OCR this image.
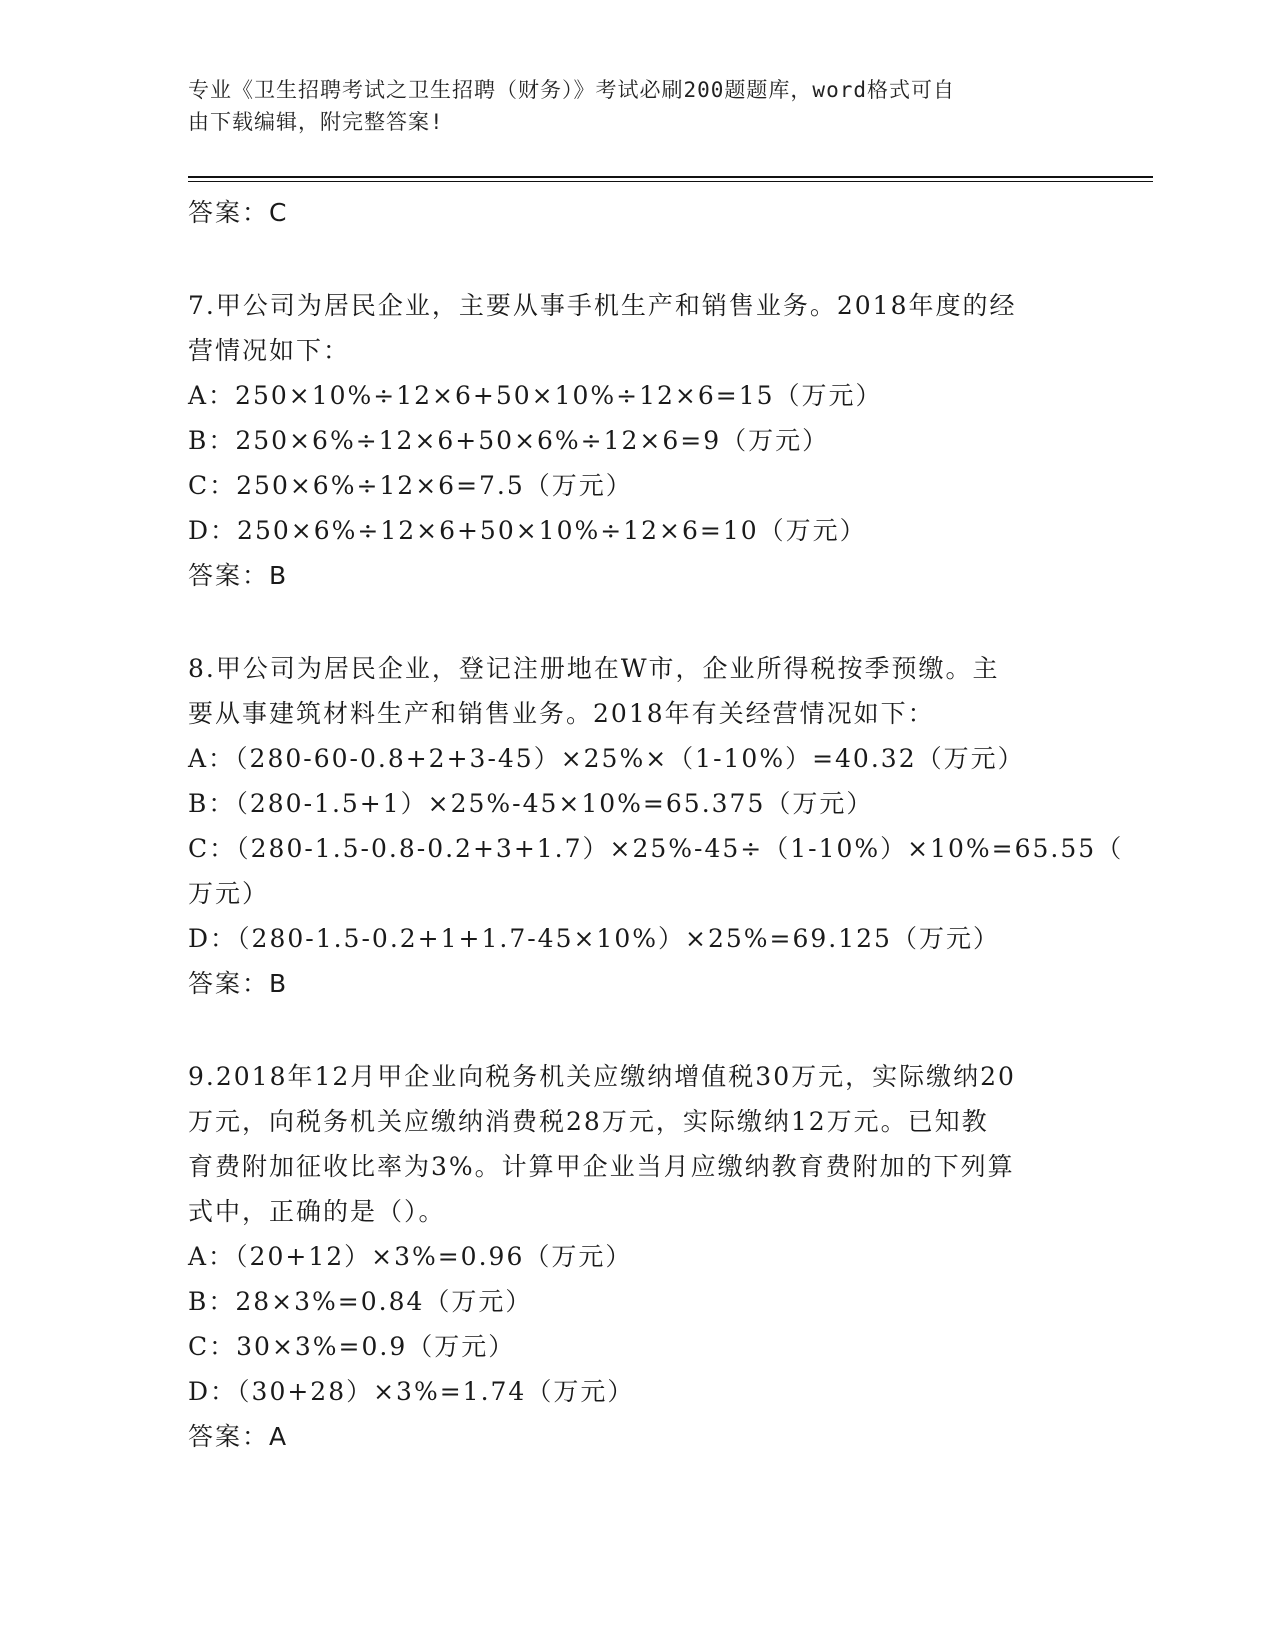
专业《卫生招聘考试之卫生招聘（财务）》考试必刷200题题库，word格式可自
由下载编辑，附完整答案!
答案：C
7.甲公司为居民企业，主要从事手机生产和销售业务。2018年度的经
营情况如下：
A：250×10%÷12×6+50×10%÷12×6=15（万元）
B：250×6%÷12×6+50×6%÷12×6=9（万元）
C：250×6%÷12×6=7.5（万元）
D：250×6%÷12×6+50×10%÷12×6=10（万元）
答案：B
8.甲公司为居民企业，登记注册地在W市，企业所得税按季预缴。主
要从事建筑材料生产和销售业务。2018年有关经营情况如下：
A：（280-60-0.8+2+3-45）×25%×（1-10%）=40.32（万元）
B：（280-1.5+1）×25%-45×10%=65.375（万元）
C：（280-1.5-0.8-0.2+3+1.7）×25%-45÷（1-10%）×10%=65.55（
万元）
D：（280-1.5-0.2+1+1.7-45×10%）×25%=69.125（万元）
答案：B
9.2018年12月甲企业向税务机关应缴纳增值税30万元，实际缴纳20
万元，向税务机关应缴纳消费税28万元，实际缴纳12万元。已知教
育费附加征收比率为3%。计算甲企业当月应缴纳教育费附加的下列算
式中，正确的是（）。
A：（20+12）×3%=0.96（万元）
B：28×3%=0.84（万元）
C：30×3%=0.9（万元）
D：（30+28）×3%=1.74（万元）
答案：A
